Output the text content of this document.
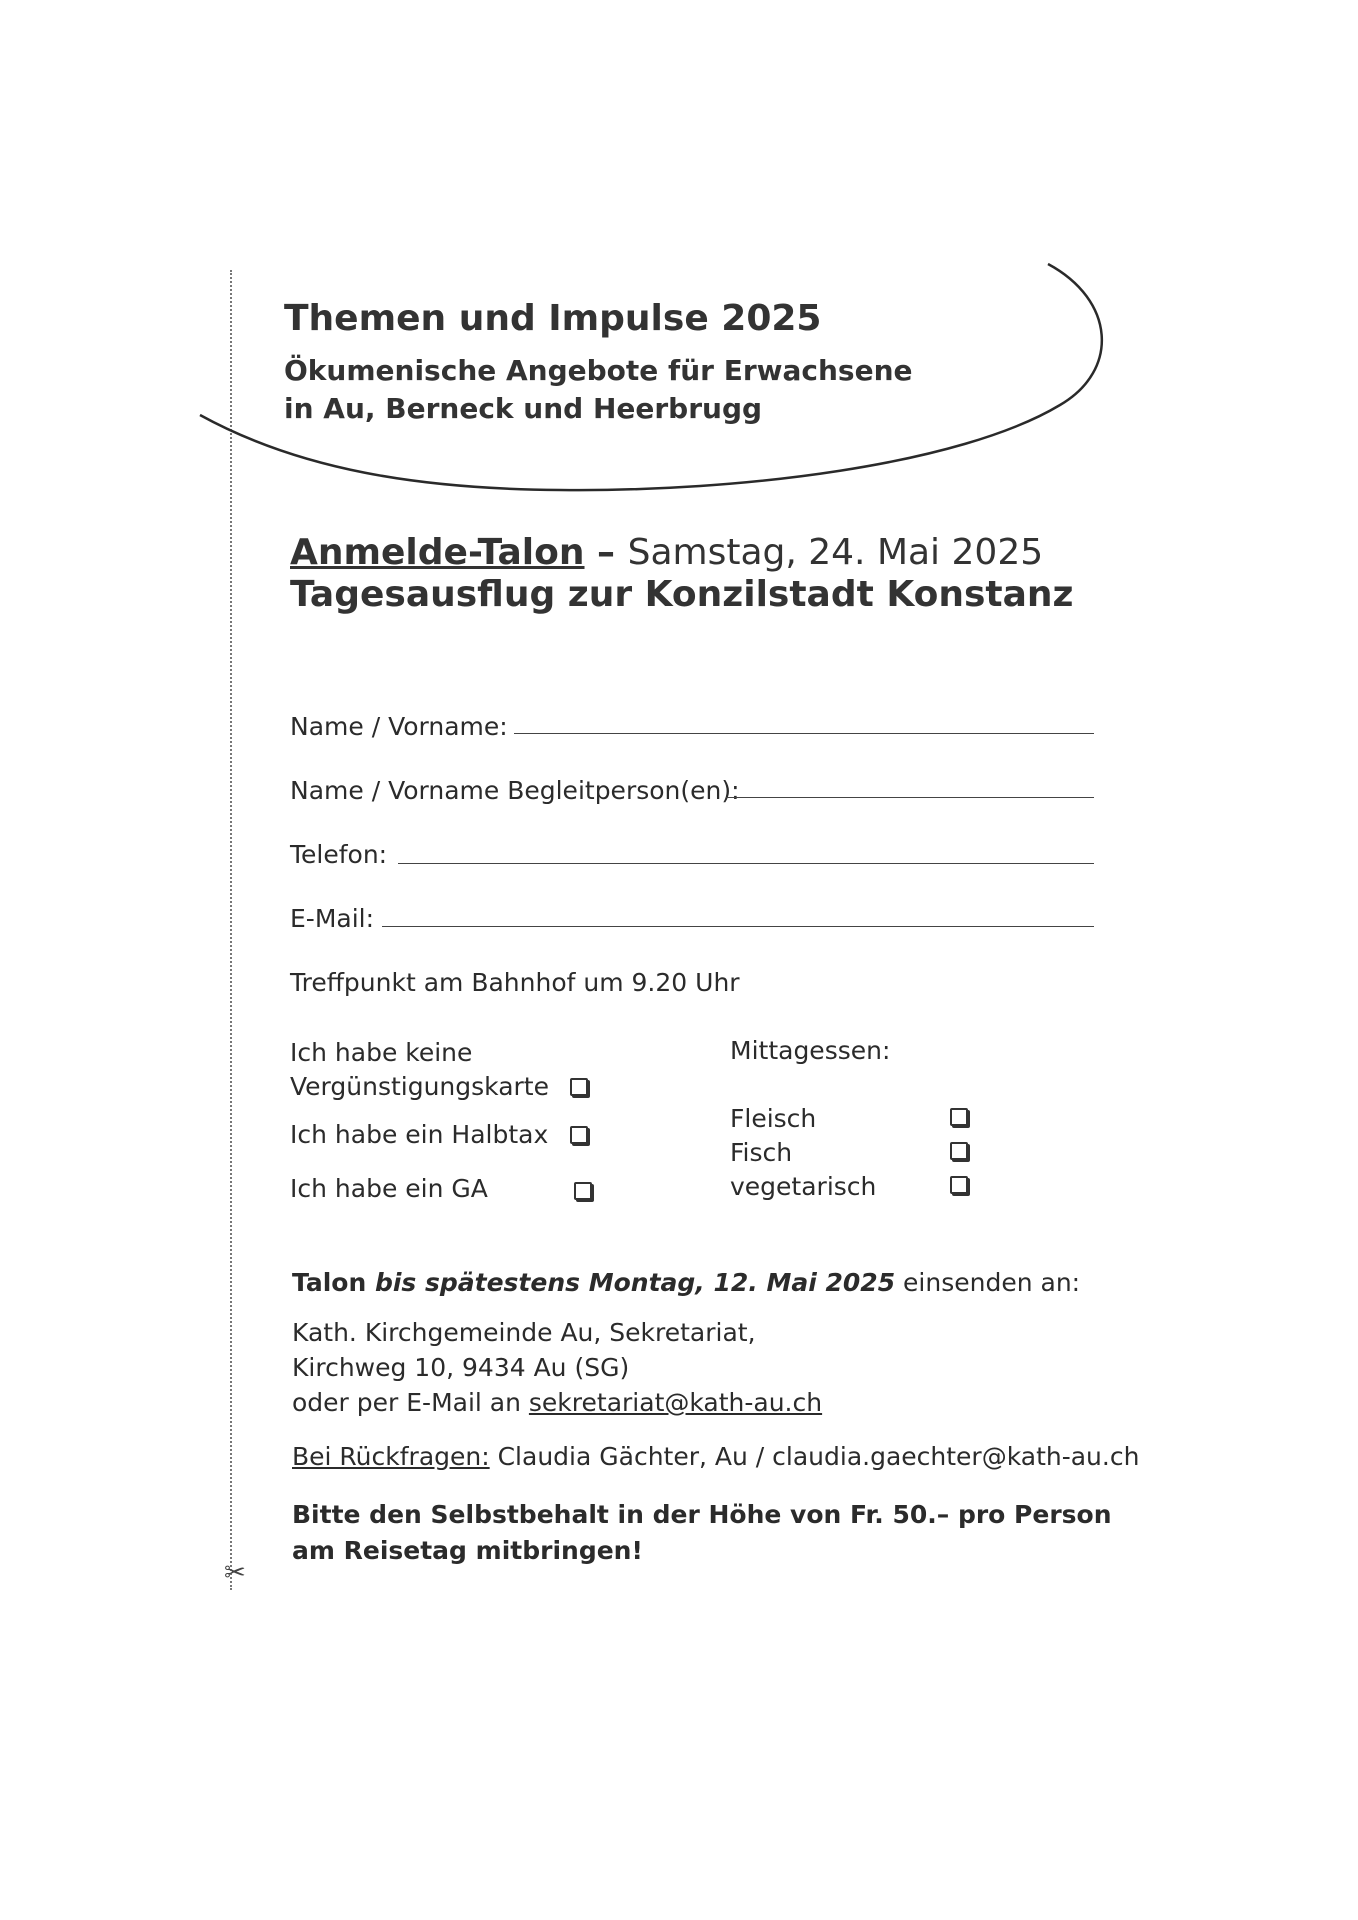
✂
Themen und Impulse 2025
Ökumenische Angebote für Erwachsene
in Au, Berneck und Heerbrugg
Anmelde-Talon – Samstag, 24. Mai 2025
Tagesausflug zur Konzilstadt Konstanz
Name / Vorname:
Name / Vorname Begleitperson(en):
Telefon:
E-Mail:
Treffpunkt am Bahnhof um 9.20 Uhr
Ich habe keine
Vergünstigungskarte
Ich habe ein Halbtax
Ich habe ein GA
Mittagessen:
Fleisch
Fisch
vegetarisch
Talon bis spätestens Montag, 12. Mai 2025 einsenden an:
Kath. Kirchgemeinde Au, Sekretariat,
Kirchweg 10, 9434 Au (SG)
oder per E-Mail an sekretariat@kath-au.ch
Bei Rückfragen: Claudia Gächter, Au / claudia.gaechter@kath-au.ch
Bitte den Selbstbehalt in der Höhe von Fr. 50.– pro Person
am Reisetag mitbringen!
